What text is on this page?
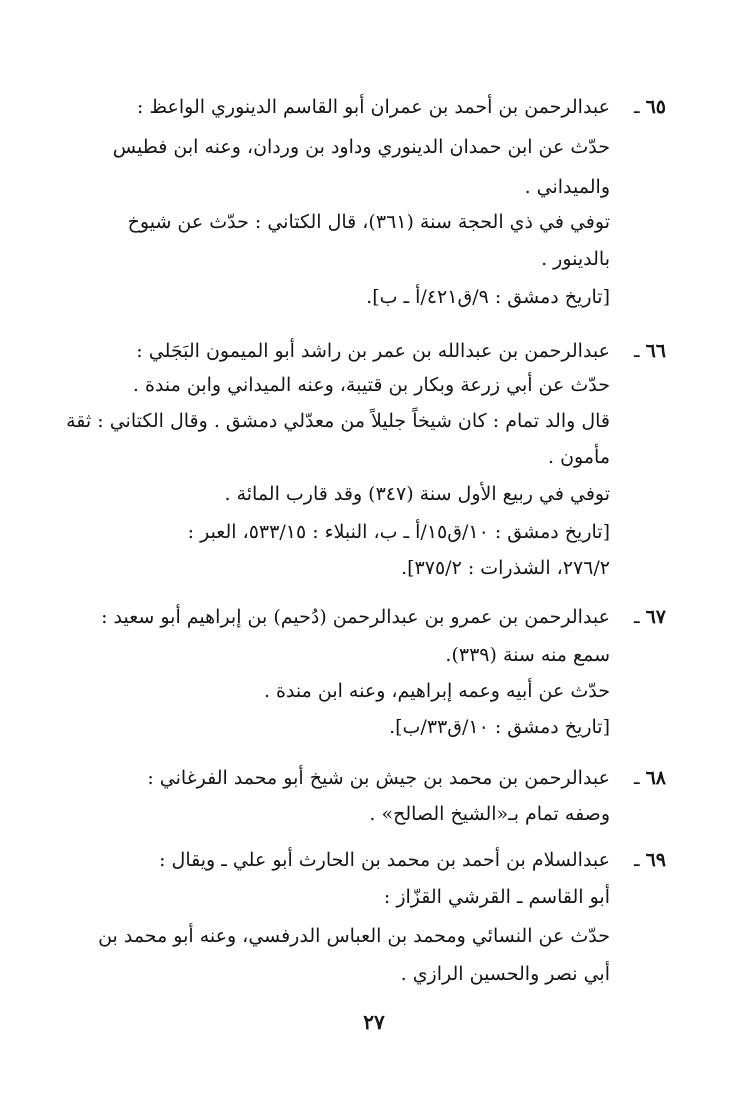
٦٥ ـ
عبدالرحمن بن أحمد بن عمران أبو القاسم الدينوري الواعظ :
حدّث عن ابن حمدان الدينوري وداود بن وردان، وعنه ابن فطيس
والميداني .
توفي في ذي الحجة سنة (٣٦١)، قال الكتاني : حدّث عن شيوخ
بالدينور .
[تاريخ دمشق : ٩/ق٤٢١/أ ـ ب].
٦٦ ـ
عبدالرحمن بن عبدالله بن عمر بن راشد أبو الميمون البَجَلي :
حدّث عن أبي زرعة وبكار بن قتيبة، وعنه الميداني وابن مندة .
قال والد تمام : كان شيخاً جليلاً من معدّلي دمشق . وقال الكتاني : ثقة
مأمون .
توفي في ربيع الأول سنة (٣٤٧) وقد قارب المائة .
[تاريخ دمشق : ١٠/ق١٥/أ ـ ب، النبلاء : ٥٣٣/١٥، العبر :
٢٧٦/٢، الشذرات : ٣٧٥/٢].
٦٧ ـ
عبدالرحمن بن عمرو بن عبدالرحمن (دُحيم) بن إبراهيم أبو سعيد :
سمع منه سنة (٣٣٩).
حدّث عن أبيه وعمه إبراهيم، وعنه ابن مندة .
[تاريخ دمشق : ١٠/ق٣٣/ب].
٦٨ ـ
عبدالرحمن بن محمد بن جيش بن شيخ أبو محمد الفرغاني :
وصفه تمام بـ«الشيخ الصالح» .
٦٩ ـ
عبدالسلام بن أحمد بن محمد بن الحارث أبو علي ـ ويقال :
أبو القاسم ـ القرشي القزّاز :
حدّث عن النسائي ومحمد بن العباس الدرفسي، وعنه أبو محمد بن
أبي نصر والحسين الرازي .
٢٧
